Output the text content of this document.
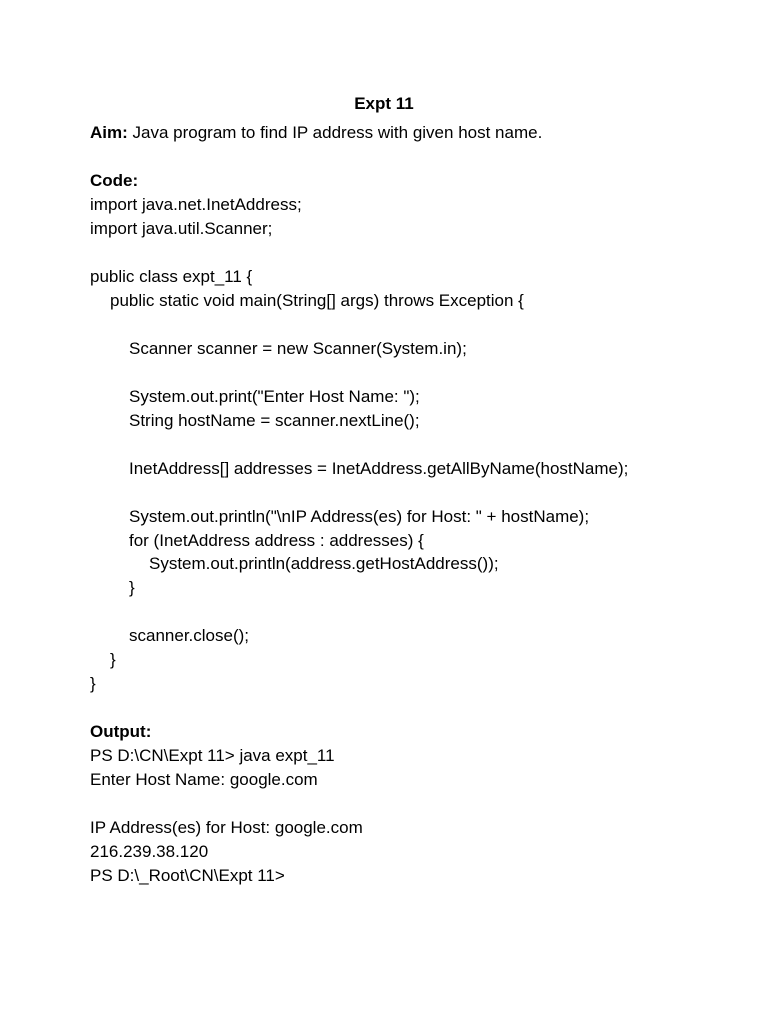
Expt 11
Aim: Java program to find IP address with given host name.
Code:
import java.net.InetAddress;
import java.util.Scanner;
public class expt_11 {
public static void main(String[] args) throws Exception {
Scanner scanner = new Scanner(System.in);
System.out.print("Enter Host Name: ");
String hostName = scanner.nextLine();
InetAddress[] addresses = InetAddress.getAllByName(hostName);
System.out.println("\nIP Address(es) for Host: " + hostName);
for (InetAddress address : addresses) {
System.out.println(address.getHostAddress());
}
scanner.close();
}
}
Output:
PS D:\CN\Expt 11> java expt_11
Enter Host Name: google.com
IP Address(es) for Host: google.com
216.239.38.120
PS D:\_Root\CN\Expt 11>
